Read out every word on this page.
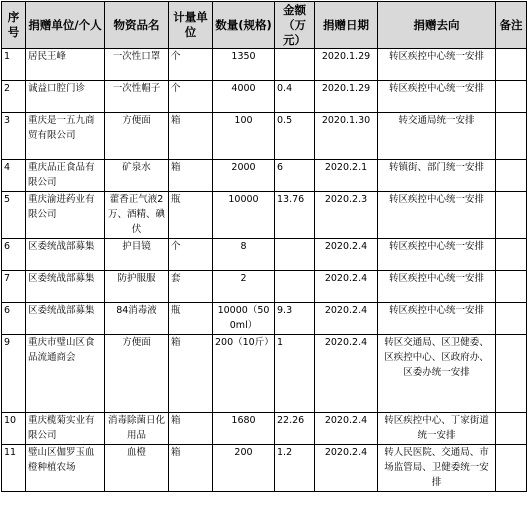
序号	捐赠单位/个人	物资品名	计量单位	数量(规格)	金额（万元）	捐赠日期	捐赠去向	备注
1	居民王峰	一次性口罩	个	1350		2020.1.29	转区疾控中心统一安排	
2	诚益口腔门诊	一次性帽子	个	4000	0.4	2020.1.29	转区疾控中心统一安排	
3	重庆是一五九商贸有限公司	方便面	箱	100	0.5	2020.1.30	转交通局统一安排	
4	重庆品正食品有限公司	矿泉水	箱	2000	6	2020.2.1	转镇街、部门统一安排	
5	重庆渝进药业有限公司	藿香正气液2万、酒精、碘伏	瓶	10000	13.76	2020.2.3	转区疾控中心统一安排	
6	区委统战部募集	护目镜	个	8		2020.2.4	转区疾控中心统一安排	
7	区委统战部募集	防护服服	套	2		2020.2.4	转区疾控中心统一安排	
6	区委统战部募集	84消毒液	瓶	10000（500ml）	9.3	2020.2.4	转区疾控中心统一安排	
9	重庆市璧山区食品流通商会	方便面	箱	200（10斤）	1	2020.2.4	转区交通局、区卫健委、区疾控中心、区政府办、区委办统一安排	
10	重庆榄菊实业有限公司	消毒除菌日化用品	箱	1680	22.26	2020.2.4	转区疾控中心、丁家街道统一安排	
11	璧山区伽罗玉血橙种植农场	血橙	箱	200	1.2	2020.2.4	转人民医院、交通局、市场监管局、卫健委统一安排	
